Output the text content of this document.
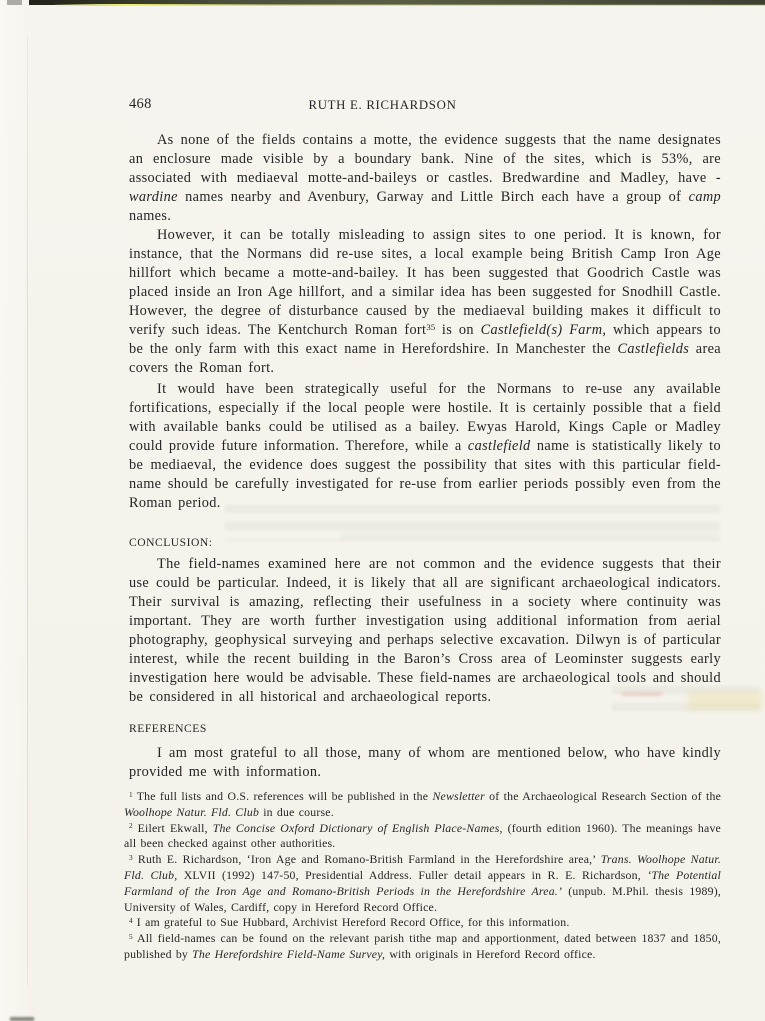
468	RUTH E. RICHARDSON

As none of the fields contains a motte, the evidence suggests that the name designates an enclosure made visible by a boundary bank. Nine of the sites, which is 53%, are associated with mediaeval motte-and-baileys or castles. Bredwardine and Madley, have -wardine names nearby and Avenbury, Garway and Little Birch each have a group of camp names.

However, it can be totally misleading to assign sites to one period. It is known, for instance, that the Normans did re-use sites, a local example being British Camp Iron Age hillfort which became a motte-and-bailey. It has been suggested that Goodrich Castle was placed inside an Iron Age hillfort, and a similar idea has been suggested for Snodhill Castle. However, the degree of disturbance caused by the mediaeval building makes it difficult to verify such ideas. The Kentchurch Roman fort$^{35}$ is on Castlefield(s) Farm, which appears to be the only farm with this exact name in Herefordshire. In Manchester the Castlefields area covers the Roman fort.

It would have been strategically useful for the Normans to re-use any available fortifications, especially if the local people were hostile. It is certainly possible that a field with available banks could be utilised as a bailey. Ewyas Harold, Kings Caple or Madley could provide future information. Therefore, while a castlefield name is statistically likely to be mediaeval, the evidence does suggest the possibility that sites with this particular field-name should be carefully investigated for re-use from earlier periods possibly even from the Roman period.

CONCLUSION:

The field-names examined here are not common and the evidence suggests that their use could be particular. Indeed, it is likely that all are significant archaeological indicators. Their survival is amazing, reflecting their usefulness in a society where continuity was important. They are worth further investigation using additional information from aerial photography, geophysical surveying and perhaps selective excavation. Dilwyn is of particular interest, while the recent building in the Baron’s Cross area of Leominster suggests early investigation here would be advisable. These field-names are archaeological tools and should be considered in all historical and archaeological reports.

REFERENCES

I am most grateful to all those, many of whom are mentioned below, who have kindly provided me with information.

$^1$ The full lists and O.S. references will be published in the Newsletter of the Archaeological Research Section of the Woolhope Natur. Fld. Club in due course.

$^2$ Eilert Ekwall, The Concise Oxford Dictionary of English Place-Names, (fourth edition 1960). The meanings have all been checked against other authorities.

$^3$ Ruth E. Richardson, ‘Iron Age and Romano-British Farmland in the Herefordshire area,’ Trans. Woolhope Natur. Fld. Club, XLVII (1992) 147-50, Presidential Address. Fuller detail appears in R. E. Richardson, ‘The Potential Farmland of the Iron Age and Romano-British Periods in the Herefordshire Area.’ (unpub. M.Phil. thesis 1989), University of Wales, Cardiff, copy in Hereford Record Office.

$^4$ I am grateful to Sue Hubbard, Archivist Hereford Record Office, for this information.

$^5$ All field-names can be found on the relevant parish tithe map and apportionment, dated between 1837 and 1850, published by The Herefordshire Field-Name Survey, with originals in Hereford Record office.
